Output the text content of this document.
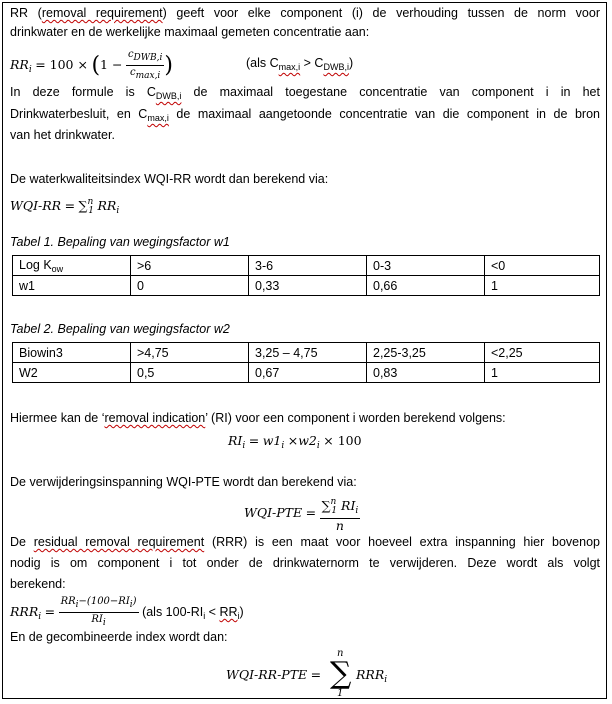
RR (removal requirement) geeft voor elke component (i) de verhouding tussen de norm voor
drinkwater en de werkelijke maximaal gemeten concentratie aan:
$RR_i = 100 \times (1 - \frac{\text{cDWB,i}}{cmax,i}$ )	(als $C_{max,i} > C_{DWB,i}$)
In deze formule is $C_{DWB,i}$ de maximaal toegestane concentratie van component i in het
Drinkwaterbesluit, en $C_{max,i}$ de maximaal aangetoonde concentratie van die component in de bron
van het drinkwater.
De waterkwaliteitsindex WQI-RR wordt dan berekend via:
WQI-RR = ∑$^n_1$ $RR_i$
Tabel 1. Bepaling van wegingsfactor w1
Log $K_{ow}$	>6	3-6	0-3	<0
w1	0	0,33	0,66	1
Tabel 2. Bepaling van wegingsfactor w2
Biowin3	>4,75	3,25 – 4,75	2,25-3,25	<2,25
W2	0,5	0,67	0,83	1
Hiermee kan de ‘removal indication’ (RI) voor een component i worden berekend volgens:
$RI_i = w1_i \times w2_i \times 100$
De verwijderingsinspanning WQI-PTE wordt dan berekend via:
$WQI-PTE = \frac{\sum^n_1 RI_i}{n}$
De residual removal requirement (RRR) is een maat voor hoeveel extra inspanning hier bovenop
nodig is om component i tot onder de drinkwaternorm te verwijderen. Deze wordt als volgt
berekend:
$RRR_i = \frac{\text{RRi−(100−RIi)}}{\text{RIi}} (als$ $100-RI_i < RR_i$)
En de gecombineerde index wordt dan:
WQI-RR-PTE =
n
∑
1
$RRR_i$
